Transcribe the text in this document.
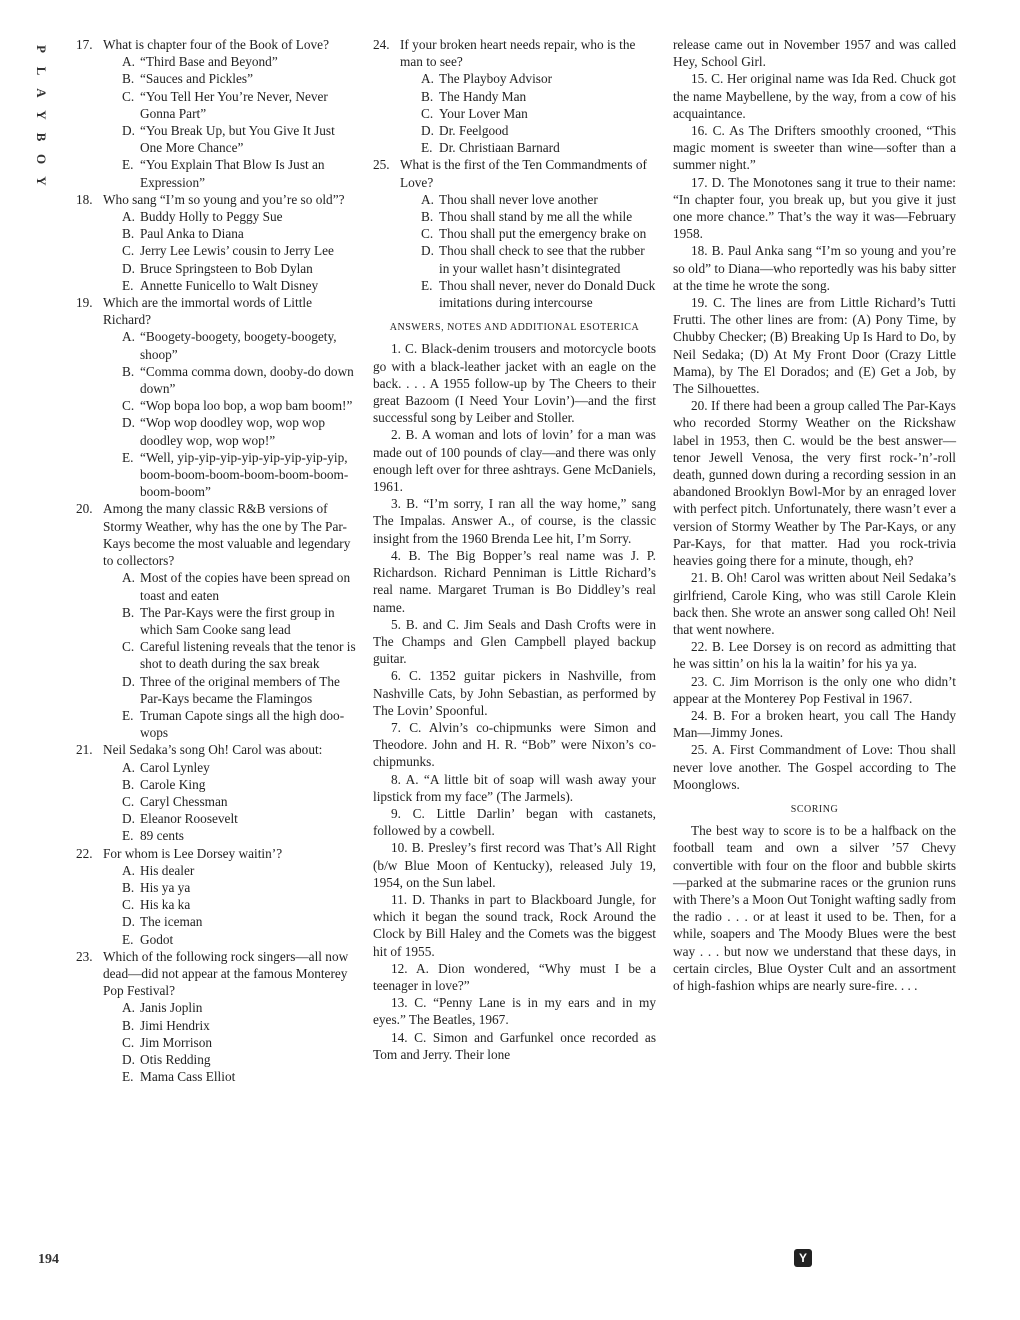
P
L
A
Y
B
O
Y
194
17. What is chapter four of the Book of Love?
A. “Third Base and Beyond”
B. “Sauces and Pickles”
C. “You Tell Her You’re Never, Never Gonna Part”
D. “You Break Up, but You Give It Just One More Chance”
E. “You Explain That Blow Is Just an Expression”
18. Who sang “I’m so young and you’re so old”?
A. Buddy Holly to Peggy Sue
B. Paul Anka to Diana
C. Jerry Lee Lewis’ cousin to Jerry Lee
D. Bruce Springsteen to Bob Dylan
E. Annette Funicello to Walt Disney
19. Which are the immortal words of Little Richard?
A. “Boogety-boogety, boogety-boogety, shoop”
B. “Comma comma down, dooby-do down down”
C. “Wop bopa loo bop, a wop bam boom!”
D. “Wop wop doodley wop, wop wop doodley wop, wop wop!”
E. “Well, yip-yip-yip-yip-yip-yip-yip-yip, boom-boom-boom-boom-boom-boom-boom-boom”
20. Among the many classic R&B versions of Stormy Weather, why has the one by The Par-Kays become the most valuable and legendary to collectors?
A. Most of the copies have been spread on toast and eaten
B. The Par-Kays were the first group in which Sam Cooke sang lead
C. Careful listening reveals that the tenor is shot to death during the sax break
D. Three of the original members of The Par-Kays became the Flamingos
E. Truman Capote sings all the high doo-wops
21. Neil Sedaka’s song Oh! Carol was about:
A. Carol Lynley
B. Carole King
C. Caryl Chessman
D. Eleanor Roosevelt
E. 89 cents
22. For whom is Lee Dorsey waitin’?
A. His dealer
B. His ya ya
C. His ka ka
D. The iceman
E. Godot
23. Which of the following rock singers—all now dead—did not appear at the famous Monterey Pop Festival?
A. Janis Joplin
B. Jimi Hendrix
C. Jim Morrison
D. Otis Redding
E. Mama Cass Elliot
24. If your broken heart needs repair, who is the man to see?
A. The Playboy Advisor
B. The Handy Man
C. Your Lover Man
D. Dr. Feelgood
E. Dr. Christiaan Barnard
25. What is the first of the Ten Commandments of Love?
A. Thou shall never love another
B. Thou shall stand by me all the while
C. Thou shall put the emergency brake on
D. Thou shall check to see that the rubber in your wallet hasn’t disintegrated
E. Thou shall never, never do Donald Duck imitations during intercourse
ANSWERS, NOTES AND ADDITIONAL ESOTERICA

1. C. Black-denim trousers and motorcycle boots go with a black-leather jacket with an eagle on the back. . . . A 1955 follow-up by The Cheers to their great Bazoom (I Need Your Lovin’)—and the first successful song by Leiber and Stoller.

2. B. A woman and lots of lovin’ for a man was made out of 100 pounds of clay—and there was only enough left over for three ashtrays. Gene McDaniels, 1961.

3. B. “I’m sorry, I ran all the way home,” sang The Impalas. Answer A., of course, is the classic insight from the 1960 Brenda Lee hit, I’m Sorry.

4. B. The Big Bopper’s real name was J. P. Richardson. Richard Penniman is Little Richard’s real name. Margaret Truman is Bo Diddley’s real name.

5. B. and C. Jim Seals and Dash Crofts were in The Champs and Glen Campbell played backup guitar.

6. C. 1352 guitar pickers in Nashville, from Nashville Cats, by John Sebastian, as performed by The Lovin’ Spoonful.

7. C. Alvin’s co-chipmunks were Simon and Theodore. John and H. R. “Bob” were Nixon’s co-chipmunks.

8. A. “A little bit of soap will wash away your lipstick from my face” (The Jarmels).

9. C. Little Darlin’ began with castanets, followed by a cowbell.

10. B. Presley’s first record was That’s All Right (b/w Blue Moon of Kentucky), released July 19, 1954, on the Sun label.

11. D. Thanks in part to Blackboard Jungle, for which it began the sound track, Rock Around the Clock by Bill Haley and the Comets was the biggest hit of 1955.

12. A. Dion wondered, “Why must I be a teenager in love?”

13. C. “Penny Lane is in my ears and in my eyes.” The Beatles, 1967.

14. C. Simon and Garfunkel once recorded as Tom and Jerry. Their lone

release came out in November 1957 and was called Hey, School Girl.

15. C. Her original name was Ida Red. Chuck got the name Maybellene, by the way, from a cow of his acquaintance.

16. C. As The Drifters smoothly crooned, “This magic moment is sweeter than wine—softer than a summer night.”

17. D. The Monotones sang it true to their name: “In chapter four, you break up, but you give it just one more chance.” That’s the way it was—February 1958.

18. B. Paul Anka sang “I’m so young and you’re so old” to Diana—who reportedly was his baby sitter at the time he wrote the song.

19. C. The lines are from Little Richard’s Tutti Frutti. The other lines are from: (A) Pony Time, by Chubby Checker; (B) Breaking Up Is Hard to Do, by Neil Sedaka; (D) At My Front Door (Crazy Little Mama), by The El Dorados; and (E) Get a Job, by The Silhouettes.

20. If there had been a group called The Par-Kays who recorded Stormy Weather on the Rickshaw label in 1953, then C. would be the best answer—tenor Jewell Venosa, the very first rock-’n’-roll death, gunned down during a recording session in an abandoned Brooklyn Bowl-Mor by an enraged lover with perfect pitch. Unfortunately, there wasn’t ever a version of Stormy Weather by The Par-Kays, or any Par-Kays, for that matter. Had you rock-trivia heavies going there for a minute, though, eh?

21. B. Oh! Carol was written about Neil Sedaka’s girlfriend, Carole King, who was still Carole Klein back then. She wrote an answer song called Oh! Neil that went nowhere.

22. B. Lee Dorsey is on record as admitting that he was sittin’ on his la la waitin’ for his ya ya.

23. C. Jim Morrison is the only one who didn’t appear at the Monterey Pop Festival in 1967.

24. B. For a broken heart, you call The Handy Man—Jimmy Jones.

25. A. First Commandment of Love: Thou shall never love another. The Gospel according to The Moonglows.

SCORING

The best way to score is to be a halfback on the football team and own a silver ’57 Chevy convertible with four on the floor and bubble skirts—parked at the submarine races or the grunion runs with There’s a Moon Out Tonight wafting sadly from the radio . . . or at least it used to be. Then, for a while, soapers and The Moody Blues were the best way . . . but now we understand that these days, in certain circles, Blue Oyster Cult and an assortment of high-fashion whips are nearly sure-fire. . . .

Y
